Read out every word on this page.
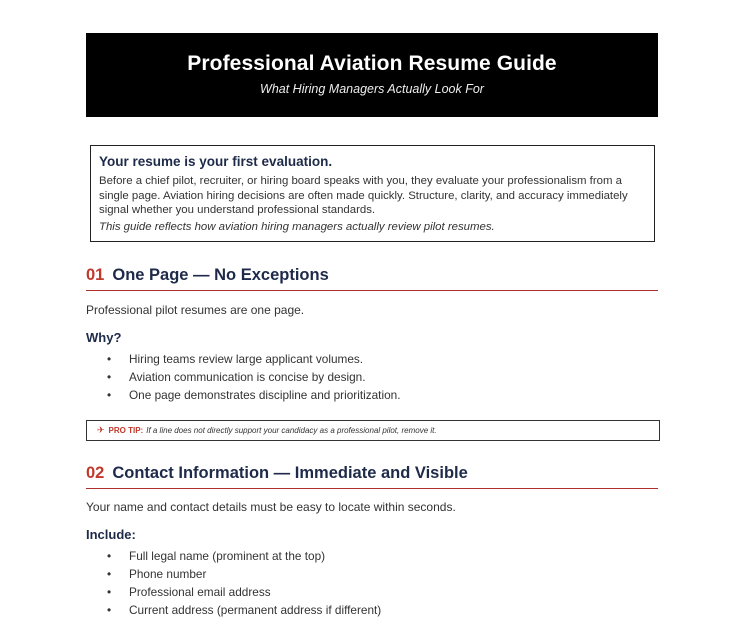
Professional Aviation Resume Guide
What Hiring Managers Actually Look For
Your resume is your first evaluation.
Before a chief pilot, recruiter, or hiring board speaks with you, they evaluate your professionalism from a single page. Aviation hiring decisions are often made quickly. Structure, clarity, and accuracy immediately signal whether you understand professional standards.
This guide reflects how aviation hiring managers actually review pilot resumes.
01 One Page — No Exceptions
Professional pilot resumes are one page.
Why?
• Hiring teams review large applicant volumes.
• Aviation communication is concise by design.
• One page demonstrates discipline and prioritization.
✈ PRO TIP: If a line does not directly support your candidacy as a professional pilot, remove it.
02 Contact Information — Immediate and Visible
Your name and contact details must be easy to locate within seconds.
Include:
• Full legal name (prominent at the top)
• Phone number
• Professional email address
• Current address (permanent address if different)
